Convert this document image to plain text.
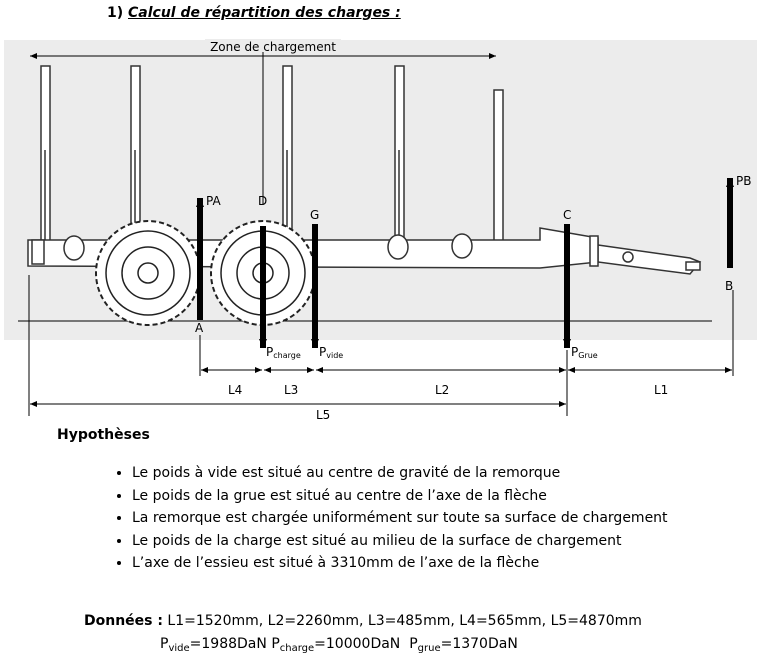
1) Calcul de répartition des charges :
Zone de chargement
PA	D
G	C
PB
A
B
Pcharge Pvide	PGrue
L4	L3	L2	L1
L5
Hypothèses
• Le poids à vide est situé au centre de gravité de la remorque
• Le poids de la grue est situé au centre de l’axe de la flèche
• La remorque est chargée uniformément sur toute sa surface de chargement
• Le poids de la charge est situé au milieu de la surface de chargement
• L’axe de l’essieu est situé à 3310mm de l’axe de la flèche
Données : L1=1520mm, L2=2260mm, L3=485mm, L4=565mm, L5=4870mm
$P_{vide}=1988DaN$ $P_{charge}=10000DaN$  $P_{grue}=1370DaN$
